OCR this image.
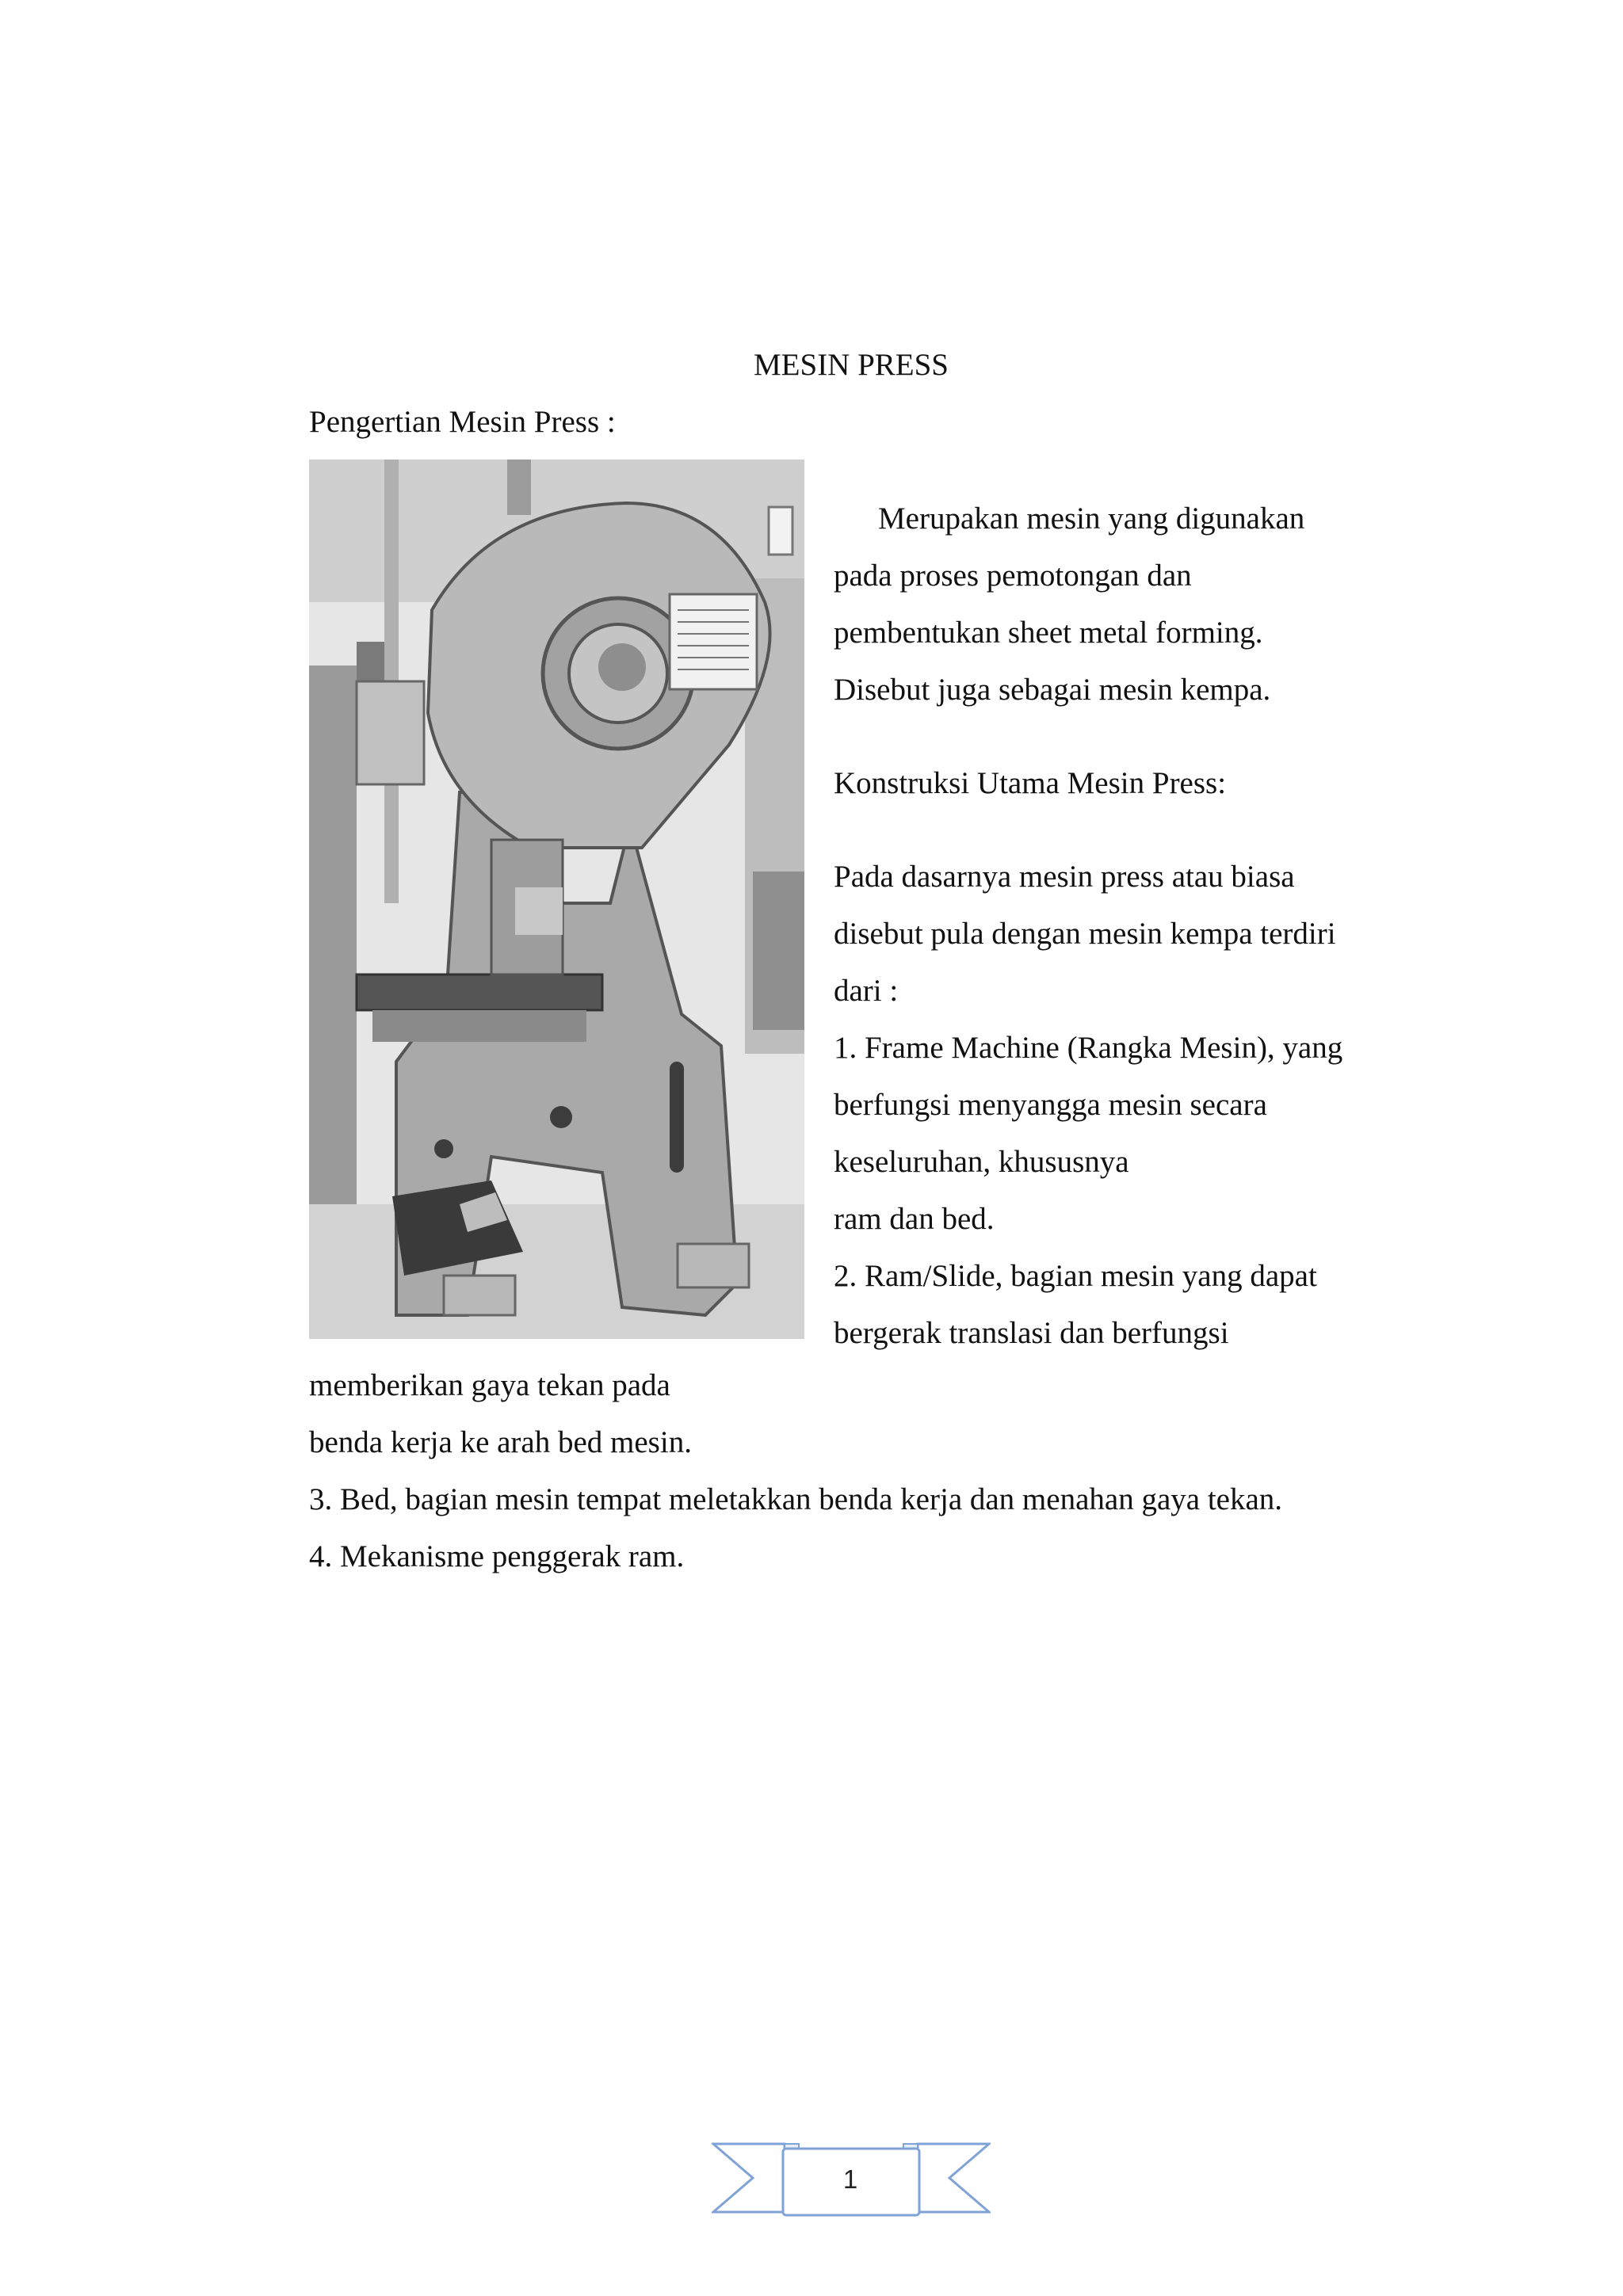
MESIN PRESS
Pengertian Mesin Press :
Merupakan mesin yang digunakan
pada proses pemotongan dan
pembentukan sheet metal forming.
Disebut juga sebagai mesin kempa.
Konstruksi Utama Mesin Press:
Pada dasarnya mesin press atau biasa
disebut pula dengan mesin kempa terdiri
dari :
1. Frame Machine (Rangka Mesin), yang
berfungsi menyangga mesin secara
keseluruhan, khususnya
ram dan bed.
2. Ram/Slide, bagian mesin yang dapat
bergerak translasi dan berfungsi
memberikan gaya tekan pada
benda kerja ke arah bed mesin.
3. Bed, bagian mesin tempat meletakkan benda kerja dan menahan gaya tekan.
4. Mekanisme penggerak ram.
1
